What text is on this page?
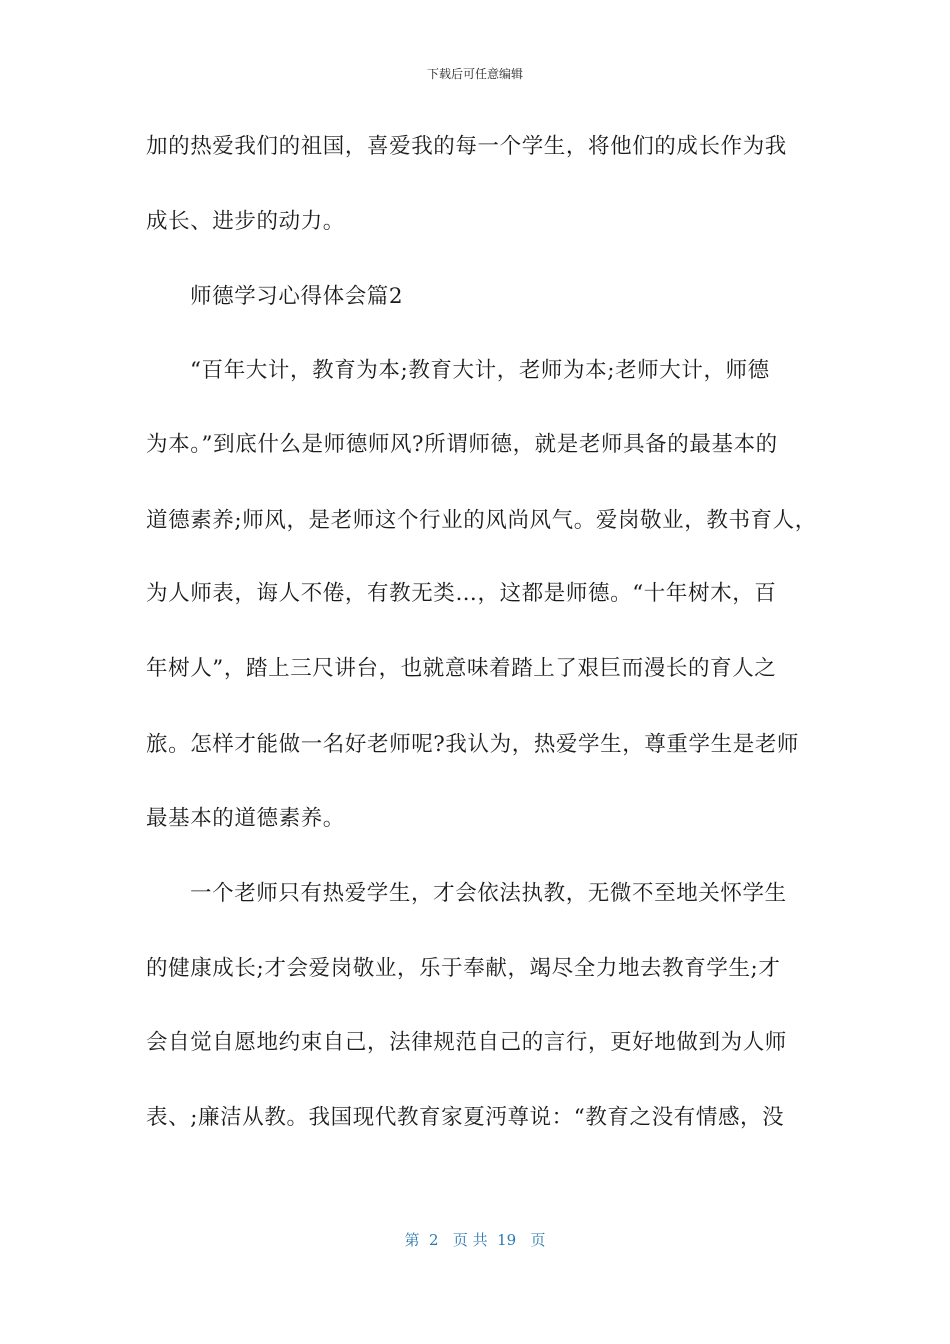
下载后可任意编辑
加的热爱我们的祖国，喜爱我的每一个学生，将他们的成长作为我
成长、进步的动力。
师德学习心得体会篇2
“百年大计，教育为本;教育大计，老师为本;老师大计，师德
为本。”到底什么是师德师风?所谓师德，就是老师具备的最基本的
道德素养;师风，是老师这个行业的风尚风气。爱岗敬业，教书育人，
为人师表，诲人不倦，有教无类…，这都是师德。“十年树木，百
年树人”，踏上三尺讲台，也就意味着踏上了艰巨而漫长的育人之
旅。怎样才能做一名好老师呢?我认为，热爱学生，尊重学生是老师
最基本的道德素养。
一个老师只有热爱学生，才会依法执教，无微不至地关怀学生
的健康成长;才会爱岗敬业，乐于奉献，竭尽全力地去教育学生;才
会自觉自愿地约束自己，法律规范自己的言行，更好地做到为人师
表、;廉洁从教。我国现代教育家夏沔尊说：“教育之没有情感，没
第  2   页 共  19   页
